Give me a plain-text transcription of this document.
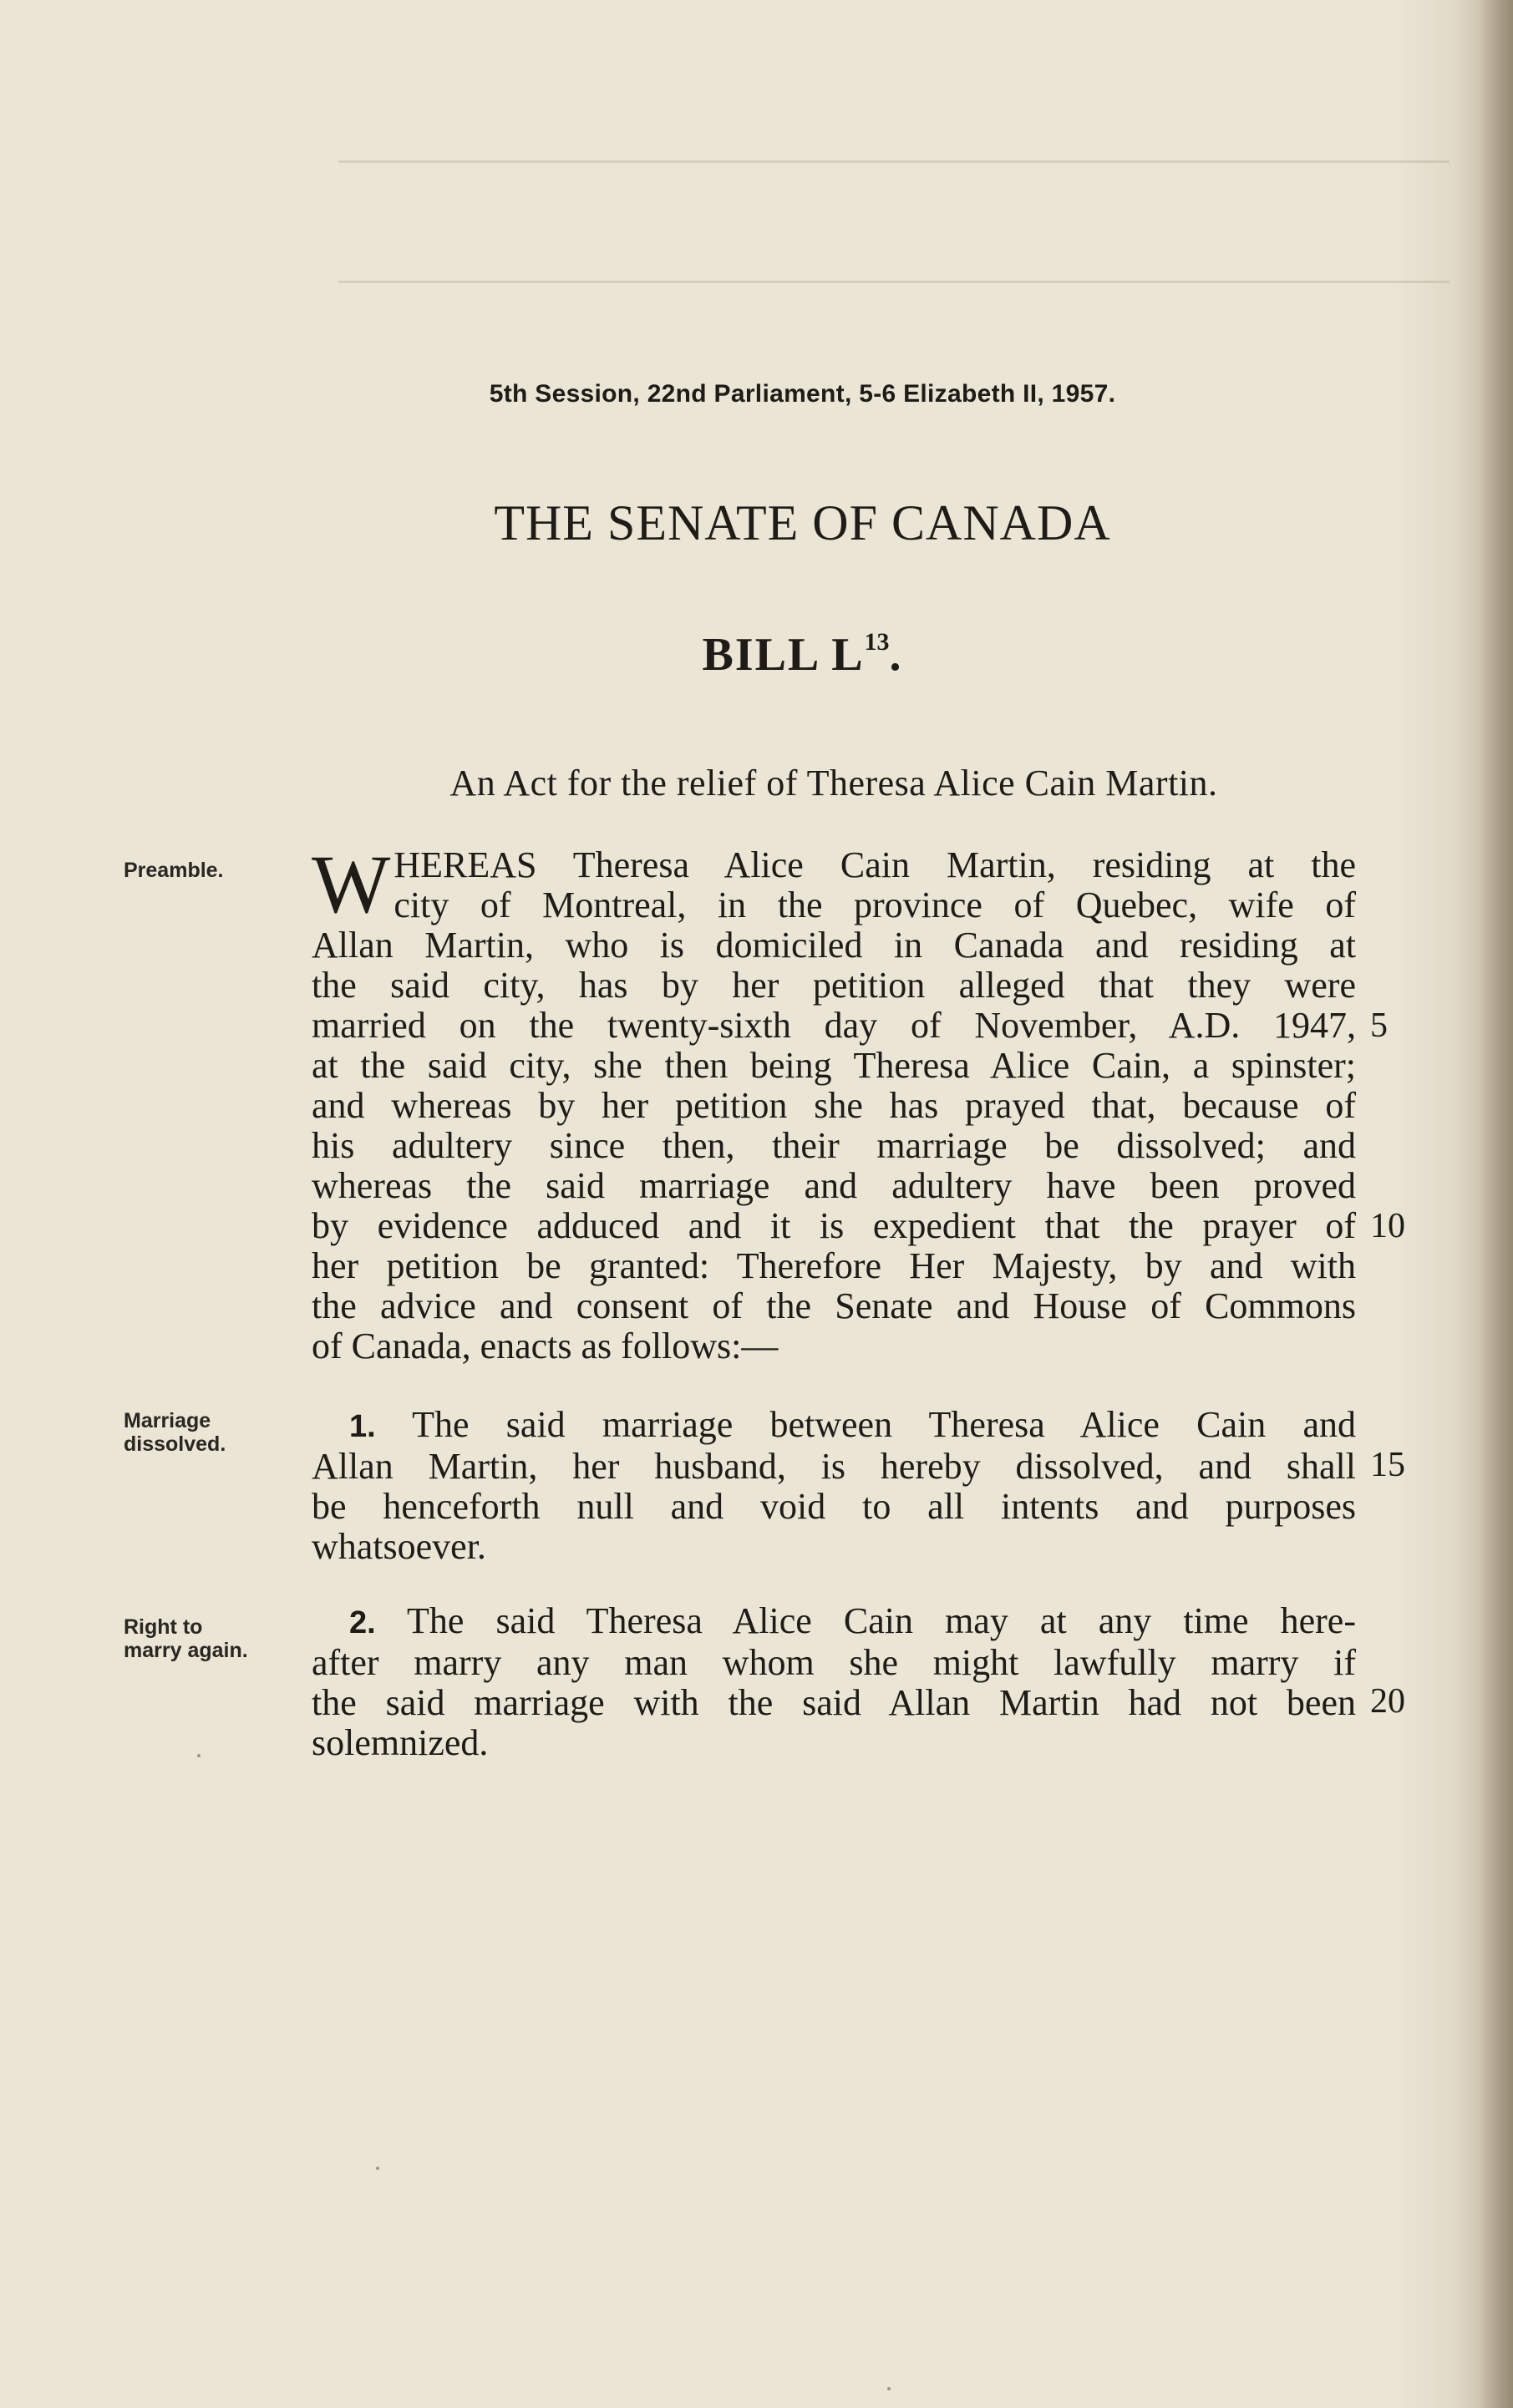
5th Session, 22nd Parliament, 5-6 Elizabeth II, 1957.
THE SENATE OF CANADA
BILL $L^{13}$.
An Act for the relief of Theresa Alice Cain Martin.
Preamble.
Marriage
dissolved.
Right to
marry again.
W HEREAS Theresa Alice Cain Martin, residing at the
city of Montreal, in the province of Quebec, wife of
Allan Martin, who is domiciled in Canada and residing at
the said city, has by her petition alleged that they were
married on the twenty-sixth day of November, A.D. 1947,
at the said city, she then being Theresa Alice Cain, a spinster;
and whereas by her petition she has prayed that, because of
his adultery since then, their marriage be dissolved; and
whereas the said marriage and adultery have been proved
by evidence adduced and it is expedient that the prayer of
her petition be granted: Therefore Her Majesty, by and with
the advice and consent of the Senate and House of Commons
of Canada, enacts as follows:—
1. The said marriage between Theresa Alice Cain and
Allan Martin, her husband, is hereby dissolved, and shall
be henceforth null and void to all intents and purposes
whatsoever.
2. The said Theresa Alice Cain may at any time here-
after marry any man whom she might lawfully marry if
the said marriage with the said Allan Martin had not been
solemnized.
5
10
15
20
